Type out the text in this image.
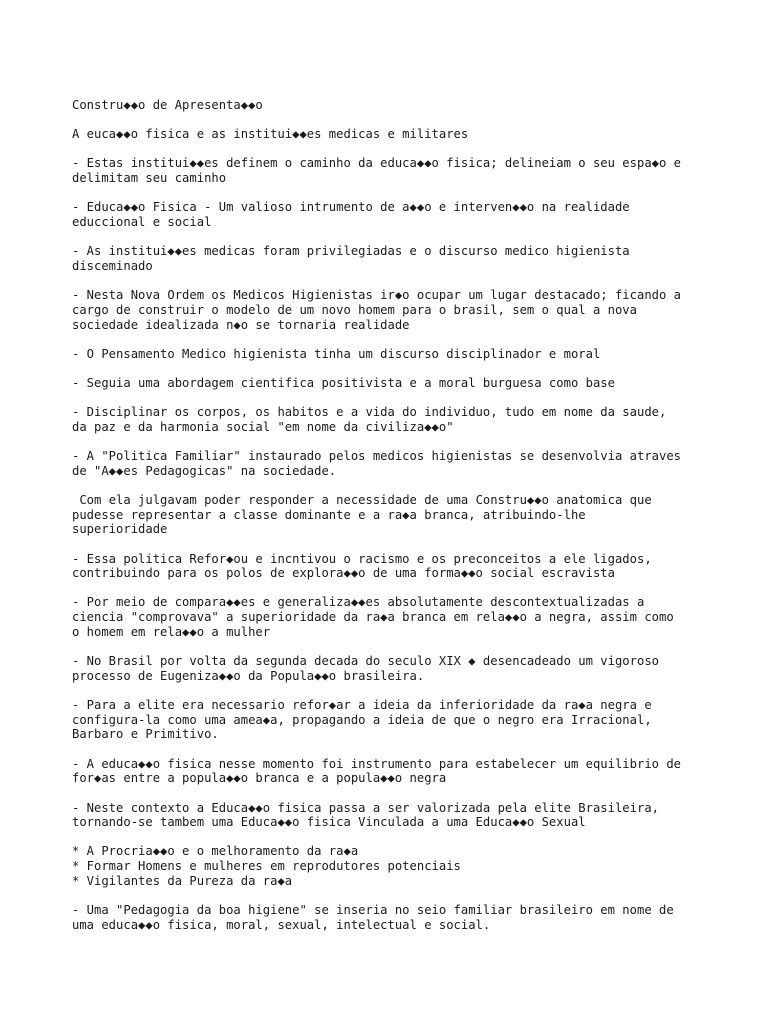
Constru◆◆o de Apresenta◆◆o

A euca◆◆o fisica e as institui◆◆es medicas e militares

- Estas institui◆◆es definem o caminho da educa◆◆o fisica; delineiam o seu espa◆o e
delimitam seu caminho

- Educa◆◆o Fisica - Um valioso intrumento de a◆◆o e interven◆◆o na realidade
educcional e social

- As institui◆◆es medicas foram privilegiadas e o discurso medico higienista
disceminado

- Nesta Nova Ordem os Medicos Higienistas ir◆o ocupar um lugar destacado; ficando a
cargo de construir o modelo de um novo homem para o brasil, sem o qual a nova
sociedade idealizada n◆o se tornaria realidade

- O Pensamento Medico higienista tinha um discurso disciplinador e moral

- Seguia uma abordagem cientifica positivista e a moral burguesa como base

- Disciplinar os corpos, os habitos e a vida do individuo, tudo em nome da saude,
da paz e da harmonia social "em nome da civiliza◆◆o"

- A "Politica Familiar" instaurado pelos medicos higienistas se desenvolvia atraves
de "A◆◆es Pedagogicas" na sociedade.

Com ela julgavam poder responder a necessidade de uma Constru◆◆o anatomica que
pudesse representar a classe dominante e a ra◆a branca, atribuindo-lhe
superioridade

- Essa politica Refor◆ou e incntivou o racismo e os preconceitos a ele ligados,
contribuindo para os polos de explora◆◆o de uma forma◆◆o social escravista

- Por meio de compara◆◆es e generaliza◆◆es absolutamente descontextualizadas a
ciencia "comprovava" a superioridade da ra◆a branca em rela◆◆o a negra, assim como
o homem em rela◆◆o a mulher

- No Brasil por volta da segunda decada do seculo XIX ◆ desencadeado um vigoroso
processo de Eugeniza◆◆o da Popula◆◆o brasileira.

- Para a elite era necessario refor◆ar a ideia da inferioridade da ra◆a negra e
configura-la como uma amea◆a, propagando a ideia de que o negro era Irracional,
Barbaro e Primitivo.

- A educa◆◆o fisica nesse momento foi instrumento para estabelecer um equilibrio de
for◆as entre a popula◆◆o branca e a popula◆◆o negra

- Neste contexto a Educa◆◆o fisica passa a ser valorizada pela elite Brasileira,
tornando-se tambem uma Educa◆◆o fisica Vinculada a uma Educa◆◆o Sexual

* A Procria◆◆o e o melhoramento da ra◆a

* Formar Homens e mulheres em reprodutores potenciais

* Vigilantes da Pureza da ra◆a

- Uma "Pedagogia da boa higiene" se inseria no seio familiar brasileiro em nome de
uma educa◆◆o fisica, moral, sexual, intelectual e social.
